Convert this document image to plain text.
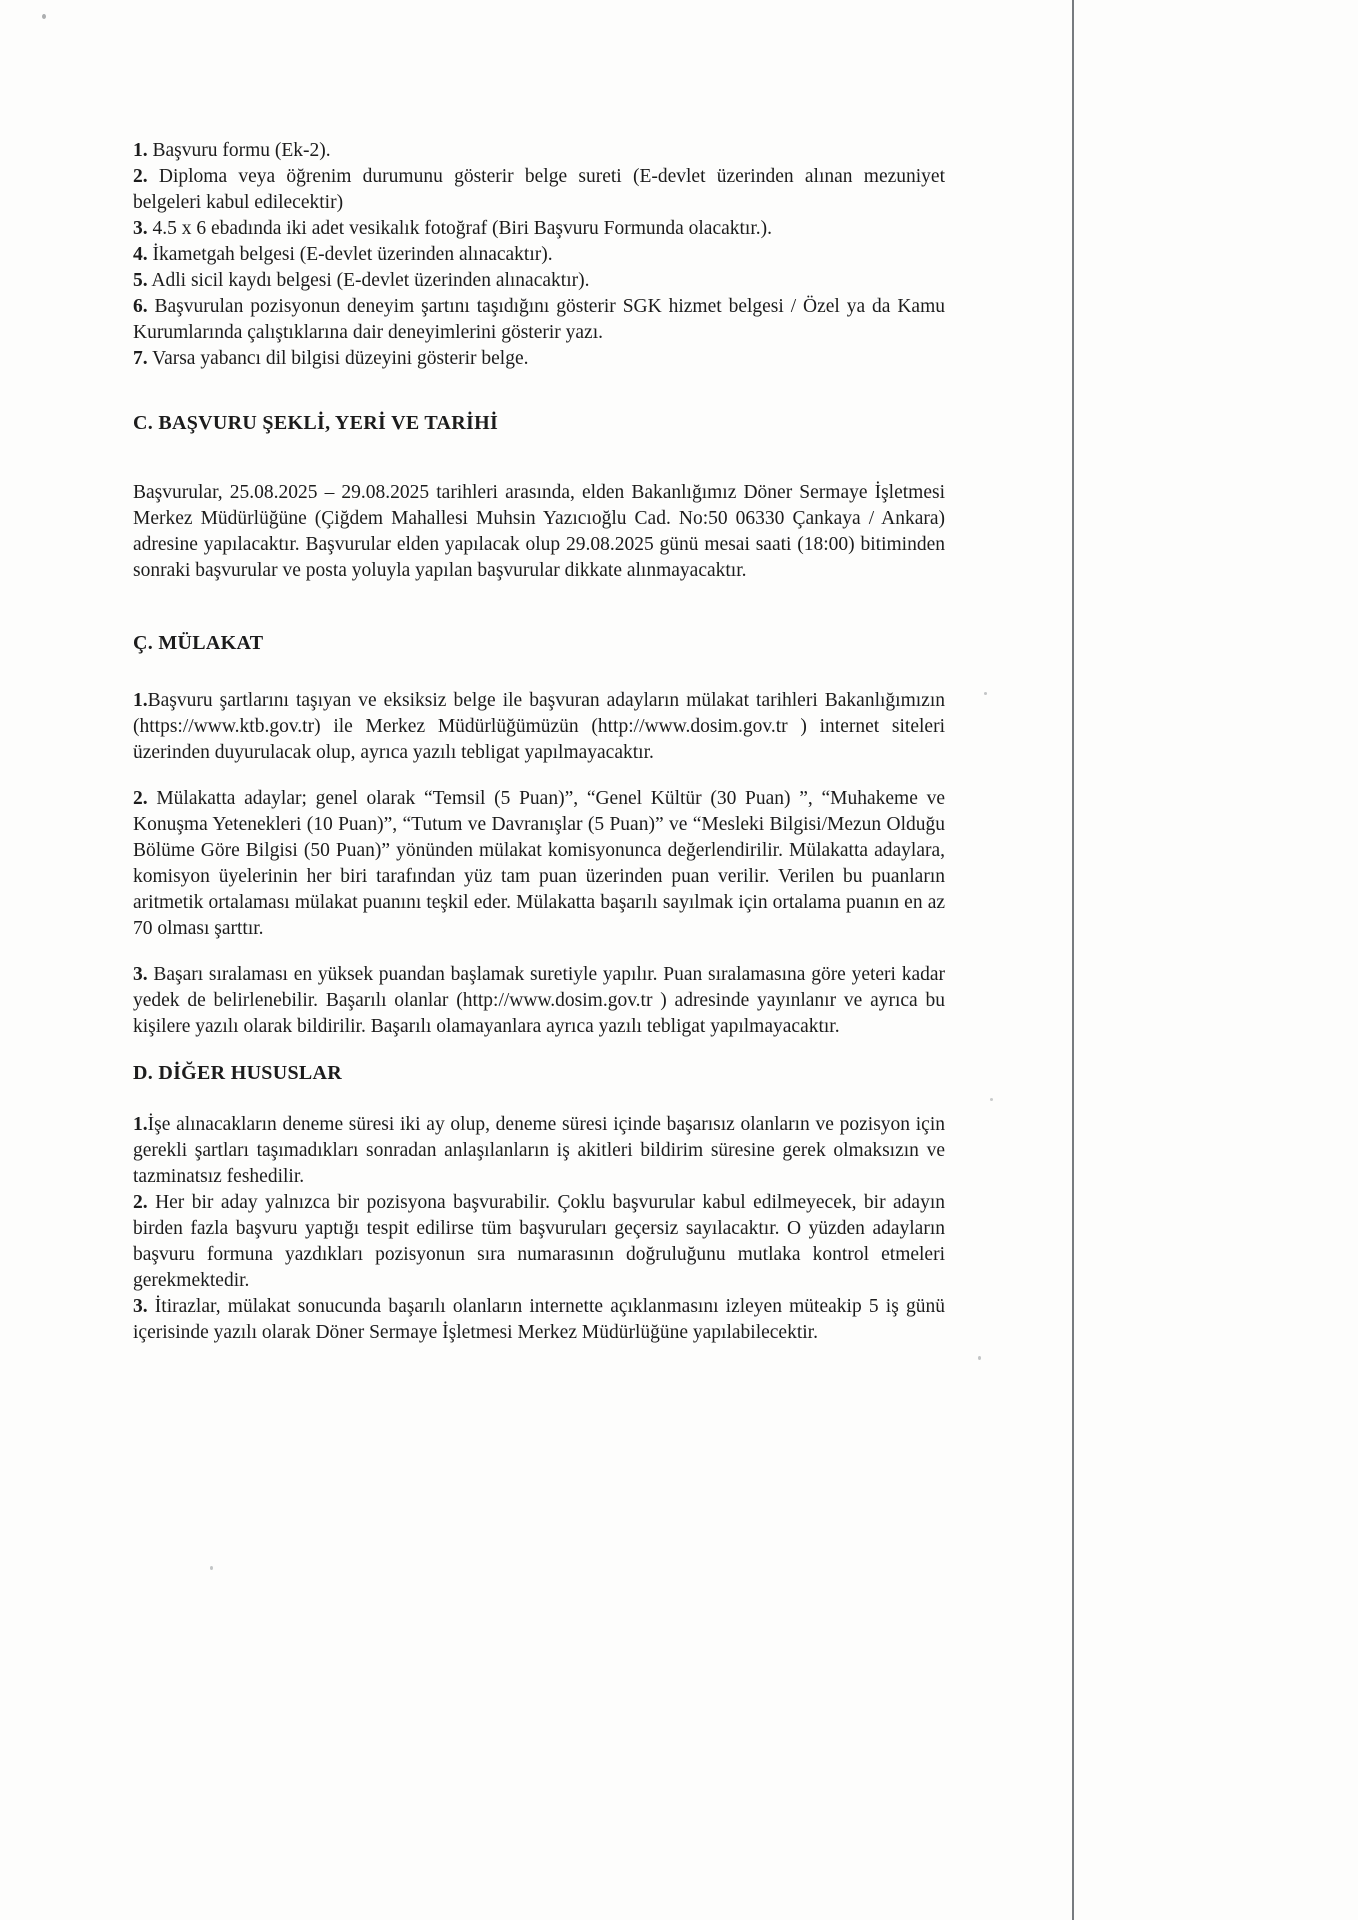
1. Başvuru formu (Ek-2).

2. Diploma veya öğrenim durumunu gösterir belge sureti (E-devlet üzerinden alınan mezuniyet belgeleri kabul edilecektir)

3. 4.5 x 6 ebadında iki adet vesikalık fotoğraf (Biri Başvuru Formunda olacaktır.).

4. İkametgah belgesi (E-devlet üzerinden alınacaktır).

5. Adli sicil kaydı belgesi (E-devlet üzerinden alınacaktır).

6. Başvurulan pozisyonun deneyim şartını taşıdığını gösterir SGK hizmet belgesi / Özel ya da Kamu Kurumlarında çalıştıklarına dair deneyimlerini gösterir yazı.

7. Varsa yabancı dil bilgisi düzeyini gösterir belge.

C. BAŞVURU ŞEKLİ, YERİ VE TARİHİ

Başvurular, 25.08.2025 – 29.08.2025 tarihleri arasında, elden Bakanlığımız Döner Sermaye İşletmesi Merkez Müdürlüğüne (Çiğdem Mahallesi Muhsin Yazıcıoğlu Cad. No:50 06330 Çankaya / Ankara) adresine yapılacaktır. Başvurular elden yapılacak olup 29.08.2025 günü mesai saati (18:00) bitiminden sonraki başvurular ve posta yoluyla yapılan başvurular dikkate alınmayacaktır.

Ç. MÜLAKAT

1.Başvuru şartlarını taşıyan ve eksiksiz belge ile başvuran adayların mülakat tarihleri Bakanlığımızın (https://www.ktb.gov.tr) ile Merkez Müdürlüğümüzün (http://www.dosim.gov.tr ) internet siteleri üzerinden duyurulacak olup, ayrıca yazılı tebligat yapılmayacaktır.

2. Mülakatta adaylar; genel olarak “Temsil (5 Puan)”, “Genel Kültür (30 Puan) ”, “Muhakeme ve Konuşma Yetenekleri (10 Puan)”, “Tutum ve Davranışlar (5 Puan)” ve “Mesleki Bilgisi/Mezun Olduğu Bölüme Göre Bilgisi (50 Puan)” yönünden mülakat komisyonunca değerlendirilir. Mülakatta adaylara, komisyon üyelerinin her biri tarafından yüz tam puan üzerinden puan verilir. Verilen bu puanların aritmetik ortalaması mülakat puanını teşkil eder. Mülakatta başarılı sayılmak için ortalama puanın en az 70 olması şarttır.

3. Başarı sıralaması en yüksek puandan başlamak suretiyle yapılır. Puan sıralamasına göre yeteri kadar yedek de belirlenebilir. Başarılı olanlar (http://www.dosim.gov.tr ) adresinde yayınlanır ve ayrıca bu kişilere yazılı olarak bildirilir. Başarılı olamayanlara ayrıca yazılı tebligat yapılmayacaktır.

D. DİĞER HUSUSLAR

1.İşe alınacakların deneme süresi iki ay olup, deneme süresi içinde başarısız olanların ve pozisyon için gerekli şartları taşımadıkları sonradan anlaşılanların iş akitleri bildirim süresine gerek olmaksızın ve tazminatsız feshedilir.

2. Her bir aday yalnızca bir pozisyona başvurabilir. Çoklu başvurular kabul edilmeyecek, bir adayın birden fazla başvuru yaptığı tespit edilirse tüm başvuruları geçersiz sayılacaktır. O yüzden adayların başvuru formuna yazdıkları pozisyonun sıra numarasının doğruluğunu mutlaka kontrol etmeleri gerekmektedir.

3. İtirazlar, mülakat sonucunda başarılı olanların internette açıklanmasını izleyen müteakip 5 iş günü içerisinde yazılı olarak Döner Sermaye İşletmesi Merkez Müdürlüğüne yapılabilecektir.
